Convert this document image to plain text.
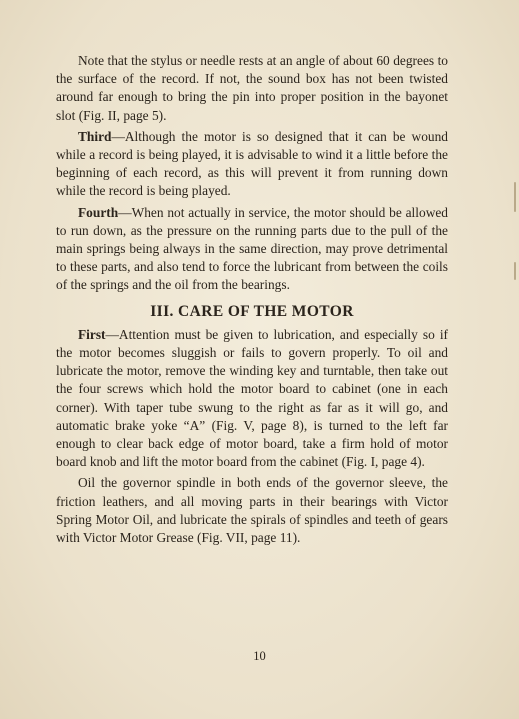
Note that the stylus or needle rests at an angle of about 60 degrees to the surface of the record. If not, the sound box has not been twisted around far enough to bring the pin into proper position in the bayonet slot (Fig. II, page 5).

Third—Although the motor is so designed that it can be wound while a record is being played, it is advisable to wind it a little before the beginning of each record, as this will prevent it from running down while the record is being played.

Fourth—When not actually in service, the motor should be allowed to run down, as the pressure on the running parts due to the pull of the main springs being always in the same direction, may prove detrimental to these parts, and also tend to force the lubricant from between the coils of the springs and the oil from the bearings.

III. CARE OF THE MOTOR

First—Attention must be given to lubrication, and especially so if the motor becomes sluggish or fails to govern properly. To oil and lubricate the motor, remove the winding key and turntable, then take out the four screws which hold the motor board to cabinet (one in each corner). With taper tube swung to the right as far as it will go, and automatic brake yoke “A” (Fig. V, page 8), is turned to the left far enough to clear back edge of motor board, take a firm hold of motor board knob and lift the motor board from the cabinet (Fig. I, page 4).

Oil the governor spindle in both ends of the governor sleeve, the friction leathers, and all moving parts in their bearings with Victor Spring Motor Oil, and lubricate the spirals of spindles and teeth of gears with Victor Motor Grease (Fig. VII, page 11).

10
